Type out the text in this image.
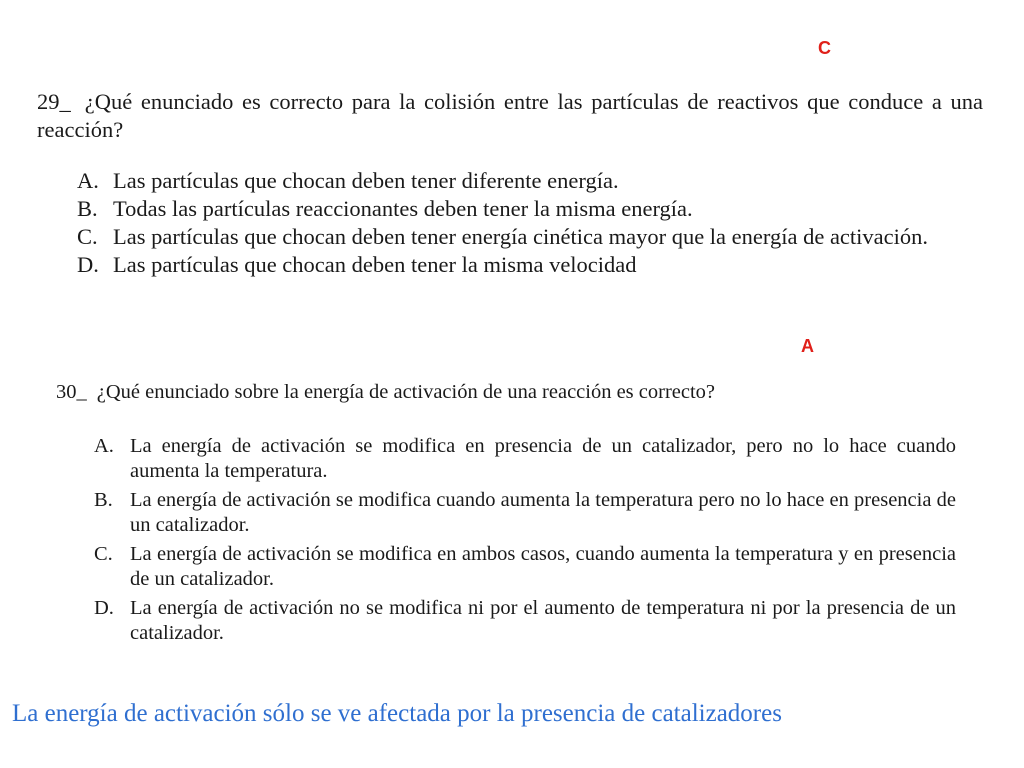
C
29_ ¿Qué enunciado es correcto para la colisión entre las partículas de reactivos que conduce a una reacción?
A. Las partículas que chocan deben tener diferente energía.
B. Todas las partículas reaccionantes deben tener la misma energía.
C. Las partículas que chocan deben tener energía cinética mayor que la energía de activación.
D. Las partículas que chocan deben tener la misma velocidad
A
30_ ¿Qué enunciado sobre la energía de activación de una reacción es correcto?
A. La energía de activación se modifica en presencia de un catalizador, pero no lo hace cuando aumenta la temperatura.
B. La energía de activación se modifica cuando aumenta la temperatura pero no lo hace en presencia de un catalizador.
C. La energía de activación se modifica en ambos casos, cuando aumenta la temperatura y en presencia de un catalizador.
D. La energía de activación no se modifica ni por el aumento de temperatura ni por la presencia de un catalizador.
La energía de activación sólo se ve afectada por la presencia de catalizadores
